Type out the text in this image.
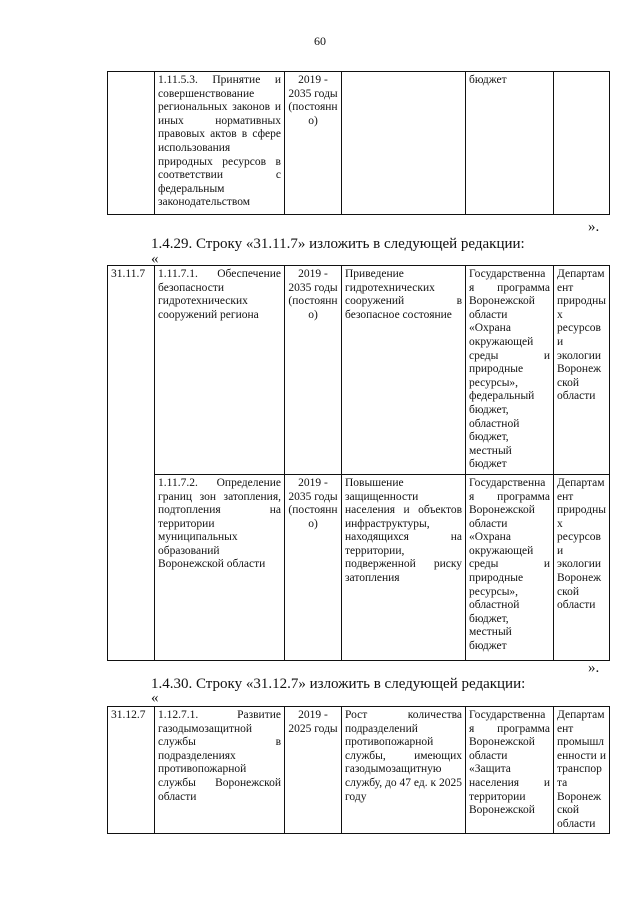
60
	1.11.5.3. Принятие и совершенствование региональных законов и иных нормативных правовых актов в сфере использования природных ресурсов в соответствии с федеральным законодательством	2019 - 2035 годы (постоянно)		бюджет	
».
1.4.29. Строку «31.11.7» изложить в следующей редакции:
«
31.11.7	1.11.7.1. Обеспечение безопасности гидротехнических сооружений региона	2019 - 2035 годы (постоянно)	Приведение гидротехнических сооружений в безопасное состояние	Государственная программа Воронежской области «Охрана окружающей среды и природные ресурсы», федеральный бюджет, областной бюджет, местный бюджет	Департамент природных ресурсов и экологии Воронежской области
	1.11.7.2. Определение границ зон затопления, подтопления на территории муниципальных образований Воронежской области	2019 - 2035 годы (постоянно)	Повышение защищенности населения и объектов инфраструктуры, находящихся на территории, подверженной риску затопления	Государственная программа Воронежской области «Охрана окружающей среды и природные ресурсы», областной бюджет, местный бюджет	Департамент природных ресурсов и экологии Воронежской области
».
1.4.30. Строку «31.12.7» изложить в следующей редакции:
«
31.12.7	1.12.7.1. Развитие газодымозащитной службы в подразделениях противопожарной службы Воронежской области	2019 - 2025 годы	Рост количества подразделений противопожарной службы, имеющих газодымозащитную службу, до 47 ед. к 2025 году	Государственная программа Воронежской области «Защита населения и территории Воронежской	Департамент промышленности и транспорта Воронежской области
